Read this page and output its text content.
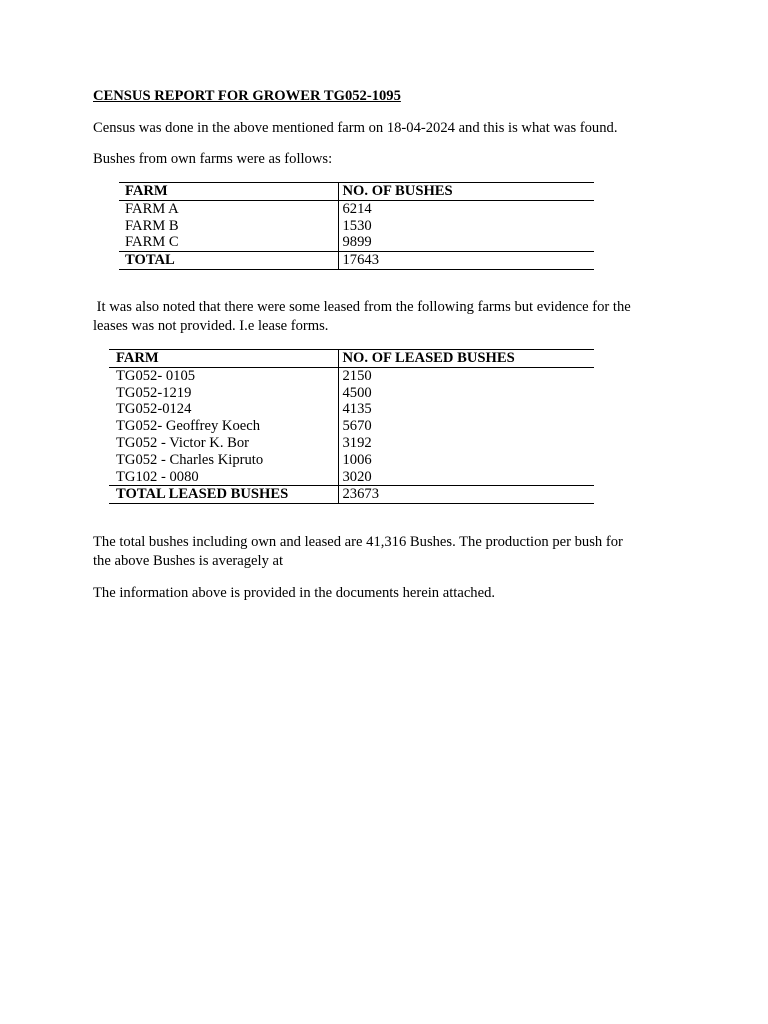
CENSUS REPORT FOR GROWER TG052-1095
Census was done in the above mentioned farm on 18-04-2024 and this is what was found.
Bushes from own farms were as follows:
FARM	NO. OF BUSHES
FARM A	6214
FARM B	1530
FARM C	9899
TOTAL	17643
It was also noted that there were some leased from the following farms but evidence for the
leases was not provided. I.e lease forms.
FARM	NO. OF LEASED BUSHES
TG052- 0105	2150
TG052-1219	4500
TG052-0124	4135
TG052- Geoffrey Koech	5670
TG052 - Victor K. Bor	3192
TG052 - Charles Kipruto	1006
TG102 - 0080	3020
TOTAL LEASED BUSHES	23673
The total bushes including own and leased are 41,316 Bushes. The production per bush for
the above Bushes is averagely at
The information above is provided in the documents herein attached.
